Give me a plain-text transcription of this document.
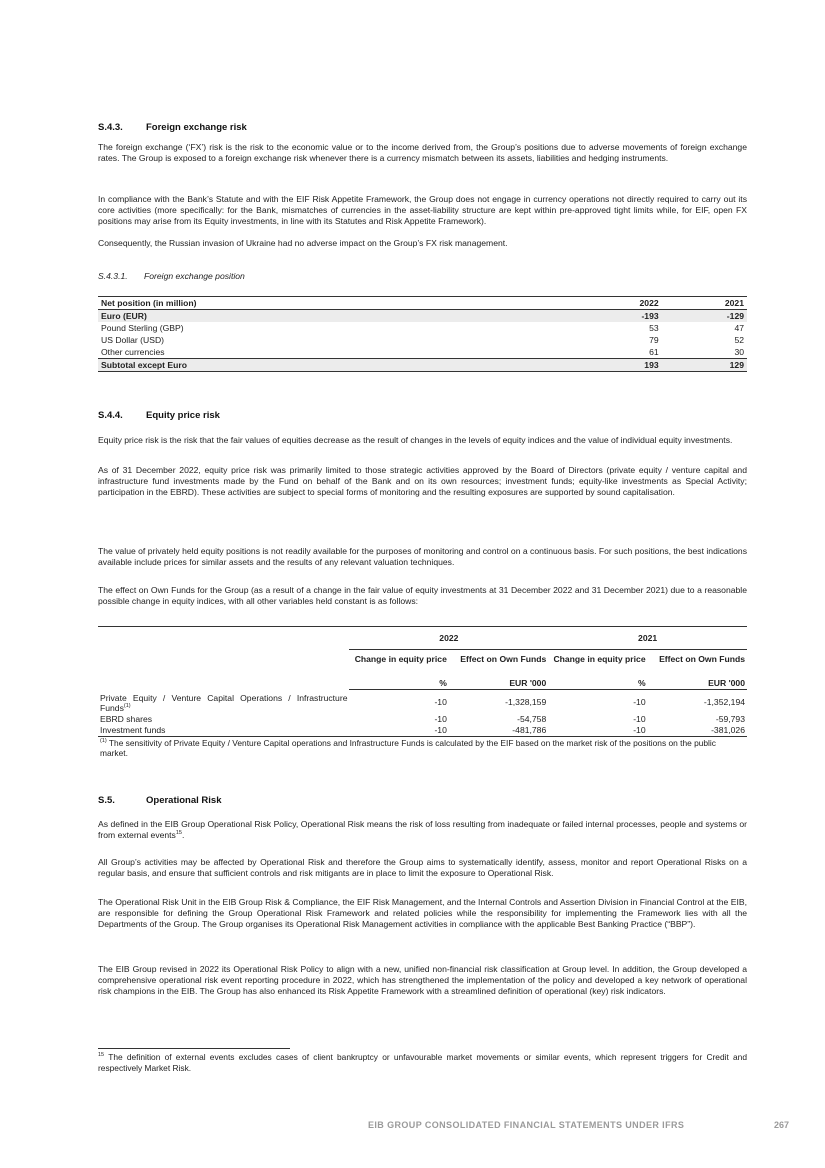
S.4.3. Foreign exchange risk

The foreign exchange (‘FX’) risk is the risk to the economic value or to the income derived from, the Group’s positions due to adverse movements of foreign exchange rates. The Group is exposed to a foreign exchange risk whenever there is a currency mismatch between its assets, liabilities and hedging instruments.

In compliance with the Bank’s Statute and with the EIF Risk Appetite Framework, the Group does not engage in currency operations not directly required to carry out its core activities (more specifically: for the Bank, mismatches of currencies in the asset-liability structure are kept within pre-approved tight limits while, for EIF, open FX positions may arise from its Equity investments, in line with its Statutes and Risk Appetite Framework).

Consequently, the Russian invasion of Ukraine had no adverse impact on the Group’s FX risk management.

S.4.3.1. Foreign exchange position
Net position (in million)	2022	2021
Euro (EUR)	-193	-129
Pound Sterling (GBP)	53	47
US Dollar (USD)	79	52
Other currencies	61	30
Subtotal except Euro	193	129
S.4.4. Equity price risk

Equity price risk is the risk that the fair values of equities decrease as the result of changes in the levels of equity indices and the value of individual equity investments.

As of 31 December 2022, equity price risk was primarily limited to those strategic activities approved by the Board of Directors (private equity / venture capital and infrastructure fund investments made by the Fund on behalf of the Bank and on its own resources; investment funds; equity-like investments as Special Activity; participation in the EBRD). These activities are subject to special forms of monitoring and the resulting exposures are supported by sound capitalisation.

The value of privately held equity positions is not readily available for the purposes of monitoring and control on a continuous basis. For such positions, the best indications available include prices for similar assets and the results of any relevant valuation techniques.

The effect on Own Funds for the Group (as a result of a change in the fair value of equity investments at 31 December 2022 and 31 December 2021) due to a reasonable possible change in equity indices, with all other variables held constant is as follows:

	2022		2021	
	Change in equity price	Effect on Own Funds	Change in equity price	Effect on Own Funds
	%	EUR '000	%	EUR '000
Private Equity / Venture Capital Operations / Infrastructure Funds$^{(1)}$	-10	-1,328,159	-10	-1,352,194
EBRD shares	-10	-54,758	-10	-59,793
Investment funds	-10	-481,786	-10	-381,026
$^{(1)}$ The sensitivity of Private Equity / Venture Capital operations and Infrastructure Funds is calculated by the EIF based on the market risk of the positions on the public market.				
S.5.	Operational Risk

As defined in the EIB Group Operational Risk Policy, Operational Risk means the risk of loss resulting from inadequate or failed internal processes, people and systems or from external events$^{15}$.

All Group’s activities may be affected by Operational Risk and therefore the Group aims to systematically identify, assess, monitor and report Operational Risks on a regular basis, and ensure that sufficient controls and risk mitigants are in place to limit the exposure to Operational Risk.

The Operational Risk Unit in the EIB Group Risk & Compliance, the EIF Risk Management, and the Internal Controls and Assertion Division in Financial Control at the EIB, are responsible for defining the Group Operational Risk Framework and related policies while the responsibility for implementing the Framework lies with all the Departments of the Group. The Group organises its Operational Risk Management activities in compliance with the applicable Best Banking Practice (“BBP”).

The EIB Group revised in 2022 its Operational Risk Policy to align with a new, unified non-financial risk classification at Group level. In addition, the Group developed a comprehensive operational risk event reporting procedure in 2022, which has strengthened the implementation of the policy and developed a key network of operational risk champions in the EIB. The Group has also enhanced its Risk Appetite Framework with a streamlined definition of operational (key) risk indicators.

$^{15}$ The definition of external events excludes cases of client bankruptcy or unfavourable market movements or similar events, which represent triggers for Credit and respectively Market Risk.

EIB GROUP CONSOLIDATED FINANCIAL STATEMENTS UNDER IFRS	267
